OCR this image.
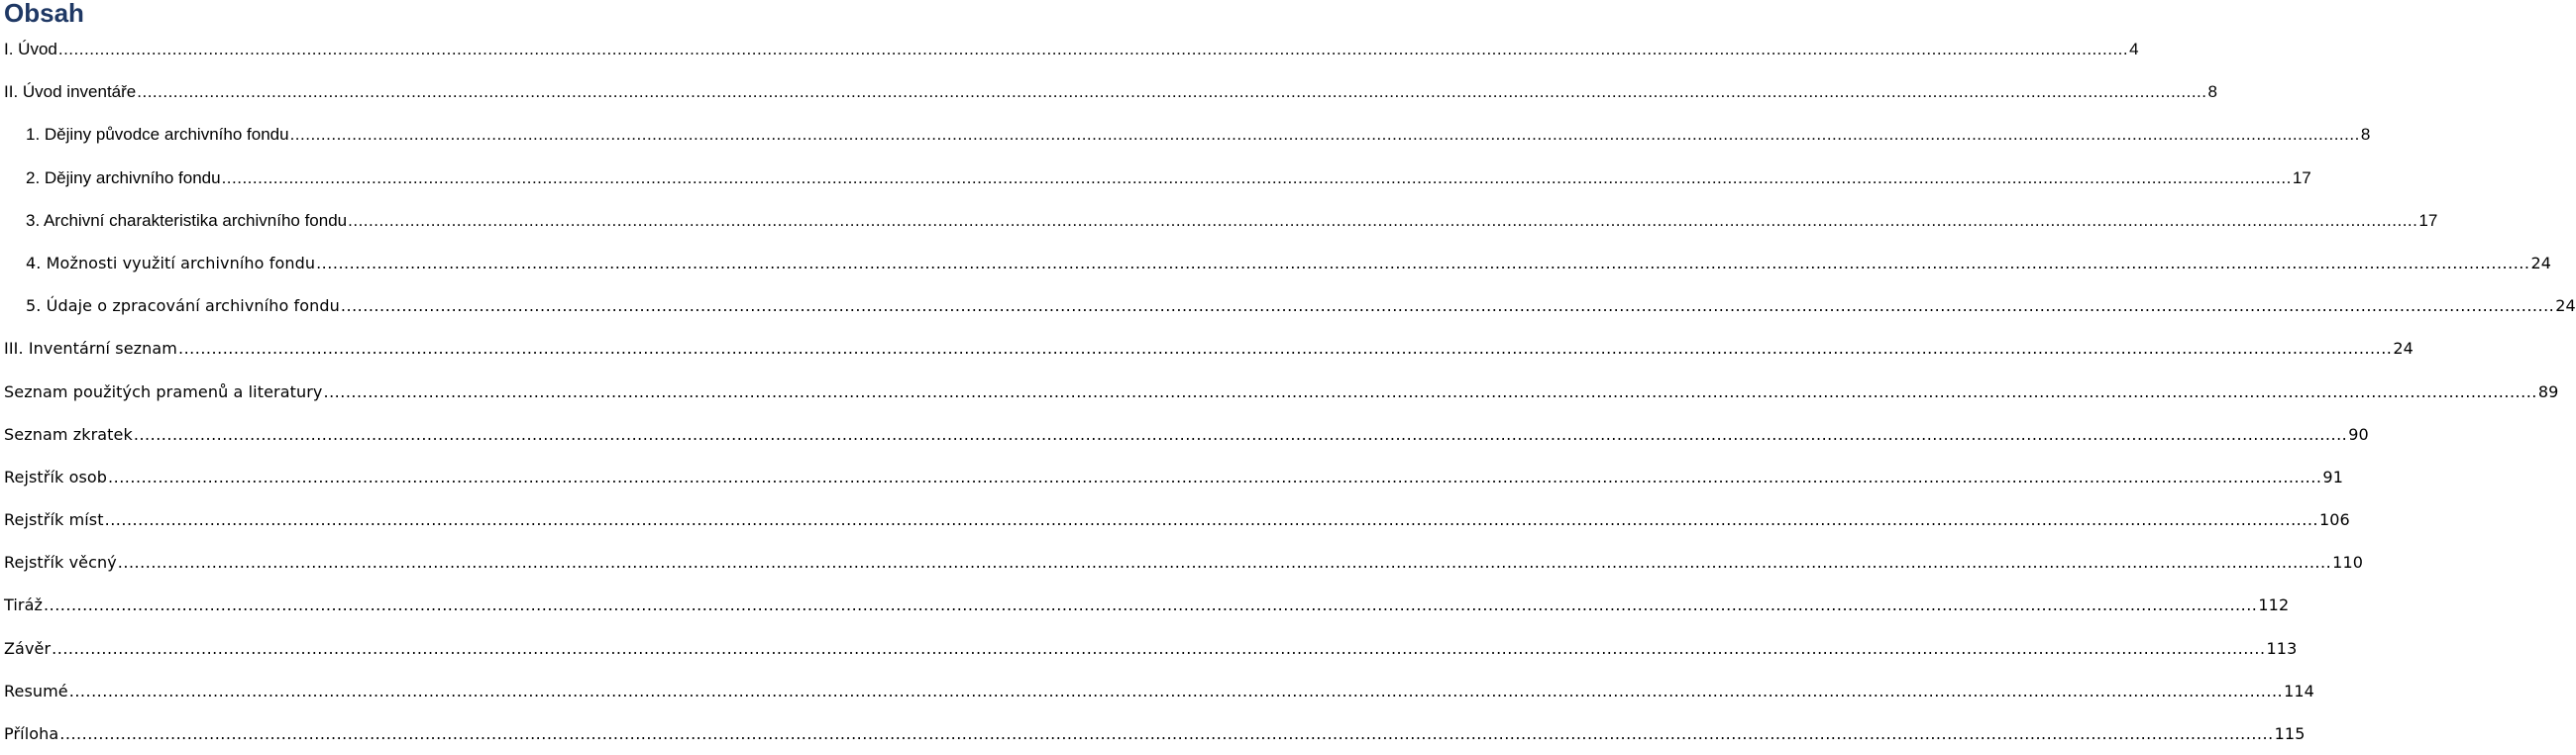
Obsah
I. Úvod ................................................................................................................................................................................................................................................................................................................................................................................................................ 4
II. Úvod inventáře ................................................................................................................................................................................................................................................................................................................................................................................................................ 8
1. Dějiny původce archivního fondu ................................................................................................................................................................................................................................................................................................................................................................................................................ 8
2. Dějiny archivního fondu ................................................................................................................................................................................................................................................................................................................................................................................................................ 17
3. Archivní charakteristika archivního fondu ................................................................................................................................................................................................................................................................................................................................................................................................................ 17
4. Možnosti využití archivního fondu ................................................................................................................................................................................................................................................................................................................................................................................................................ 24
5. Údaje o zpracování archivního fondu ................................................................................................................................................................................................................................................................................................................................................................................................................ 24
III. Inventární seznam ................................................................................................................................................................................................................................................................................................................................................................................................................ 24
Seznam použitých pramenů a literatury ................................................................................................................................................................................................................................................................................................................................................................................................................ 89
Seznam zkratek ................................................................................................................................................................................................................................................................................................................................................................................................................ 90
Rejstřík osob ................................................................................................................................................................................................................................................................................................................................................................................................................ 91
Rejstřík míst ................................................................................................................................................................................................................................................................................................................................................................................................................ 106
Rejstřík věcný ................................................................................................................................................................................................................................................................................................................................................................................................................ 110
Tiráž ................................................................................................................................................................................................................................................................................................................................................................................................................ 112
Závěr ................................................................................................................................................................................................................................................................................................................................................................................................................ 113
Resumé ................................................................................................................................................................................................................................................................................................................................................................................................................ 114
Příloha ................................................................................................................................................................................................................................................................................................................................................................................................................ 115
